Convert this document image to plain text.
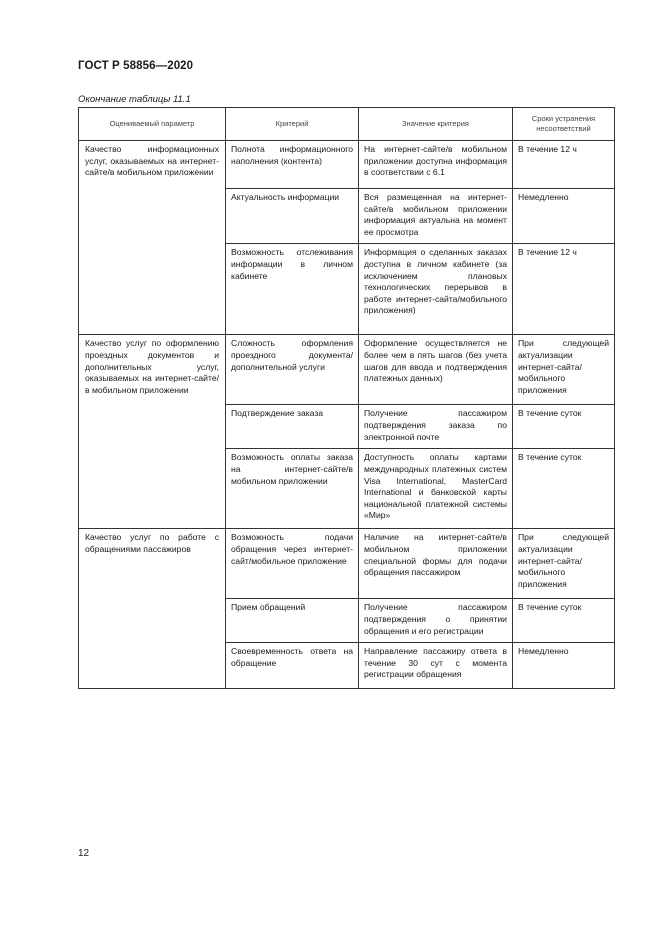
ГОСТ Р 58856—2020
Окончание таблицы 11.1
Оцениваемый параметр	Критерий	Значение критерия	Сроки устранения несоответствий

Качество информационных услуг, оказываемых на интернет-сайте/в мобильном приложении	Полнота информационного наполнения (контента)	На интернет-сайте/в мобильном приложении доступна информация в соответствии с 6.1	В течение 12 ч

	Актуальность информации	Вся размещенная на интернет-сайте/в мобильном приложении информация актуальна на момент ее просмотра	Немедленно

	Возможность отслеживания информации в личном кабинете	Информация о сделанных заказах доступна в личном кабинете (за исключением плановых технологических перерывов в работе интернет-сайта/мобильного приложения)	В течение 12 ч

Качество услуг по оформлению проездных документов и дополнительных услуг, оказываемых на интернет-сайте/в мобильном приложении	Сложность оформления проездного документа/дополнительной услуги	Оформление осуществляется не более чем в пять шагов (без учета шагов для ввода и подтверждения платежных данных)	При следующей актуализации интернет-сайта/мобильного приложения

	Подтверждение заказа	Получение пассажиром подтверждения заказа по электронной почте	В течение суток

	Возможность оплаты заказа на интернет-сайте/в мобильном приложении	Доступность оплаты картами международных платежных систем Visa International, MasterCard International и банковской карты национальной платежной системы «Мир»	В течение суток

Качество услуг по работе с обращениями пассажиров	Возможность подачи обращения через интернет-сайт/мобильное приложение	Наличие на интернет-сайте/в мобильном приложении специальной формы для подачи обращения пассажиром	При следующей актуализации интернет-сайта/мобильного приложения

	Прием обращений	Получение пассажиром подтверждения о принятии обращения и его регистрации	В течение суток

	Своевременность ответа на обращение	Направление пассажиру ответа в течение 30 сут с момента регистрации обращения	Немедленно
12
